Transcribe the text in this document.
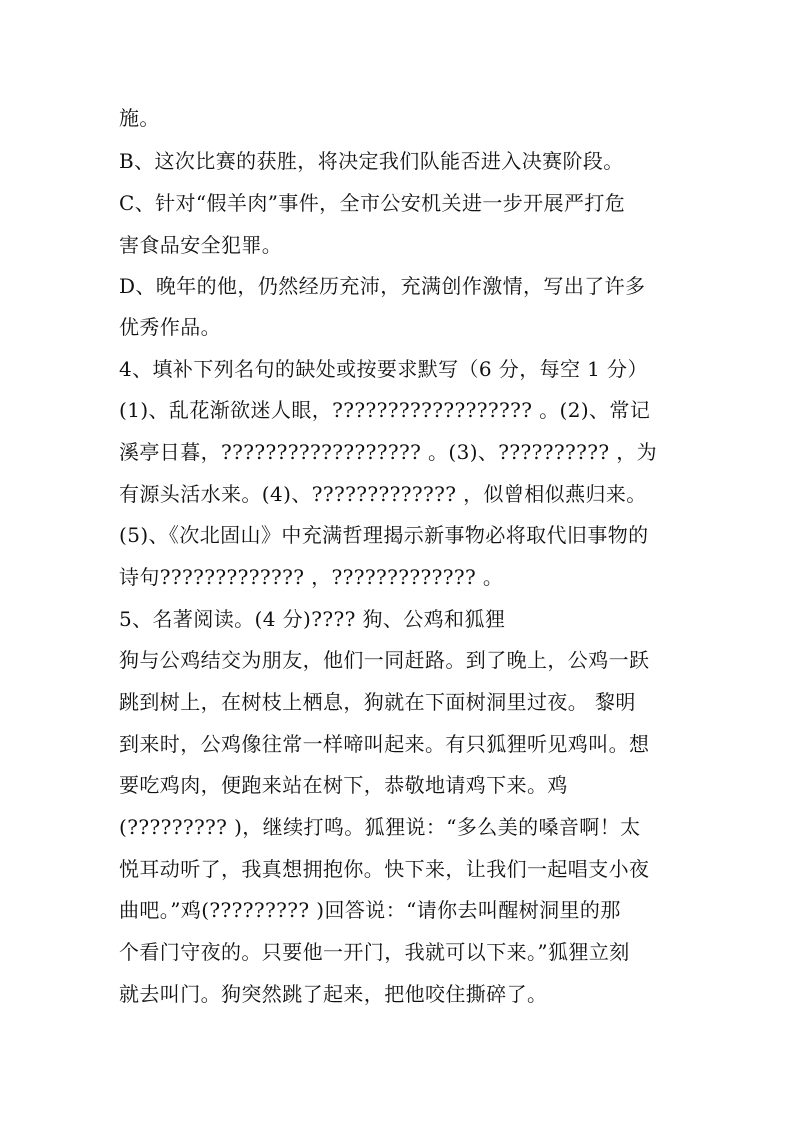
施。
B、这次比赛的获胜，将决定我们队能否进入决赛阶段。
C、针对“假羊肉”事件，全市公安机关进一步开展严打危
害食品安全犯罪。
D、晚年的他，仍然经历充沛，充满创作激情，写出了许多
优秀作品。
4、填补下列名句的缺处或按要求默写（6 分，每空 1 分）
(1)、乱花渐欲迷人眼，?????????????????? 。(2)、常记
溪亭日暮，?????????????????? 。(3)、?????????? ，为
有源头活水来。(4)、????????????? ，似曾相似燕归来。
(5)、《次北固山》中充满哲理揭示新事物必将取代旧事物的
诗句????????????? ，????????????? 。
5、名著阅读。(4 分)???? 狗、公鸡和狐狸
狗与公鸡结交为朋友，他们一同赶路。到了晚上，公鸡一跃
跳到树上，在树枝上栖息，狗就在下面树洞里过夜。 黎明
到来时，公鸡像往常一样啼叫起来。有只狐狸听见鸡叫。想
要吃鸡肉，便跑来站在树下，恭敬地请鸡下来。鸡
(????????? )，继续打鸣。狐狸说：“多么美的嗓音啊！太
悦耳动听了，我真想拥抱你。快下来，让我们一起唱支小夜
曲吧。”鸡(????????? )回答说：“请你去叫醒树洞里的那
个看门守夜的。只要他一开门，我就可以下来。”狐狸立刻
就去叫门。狗突然跳了起来，把他咬住撕碎了。
